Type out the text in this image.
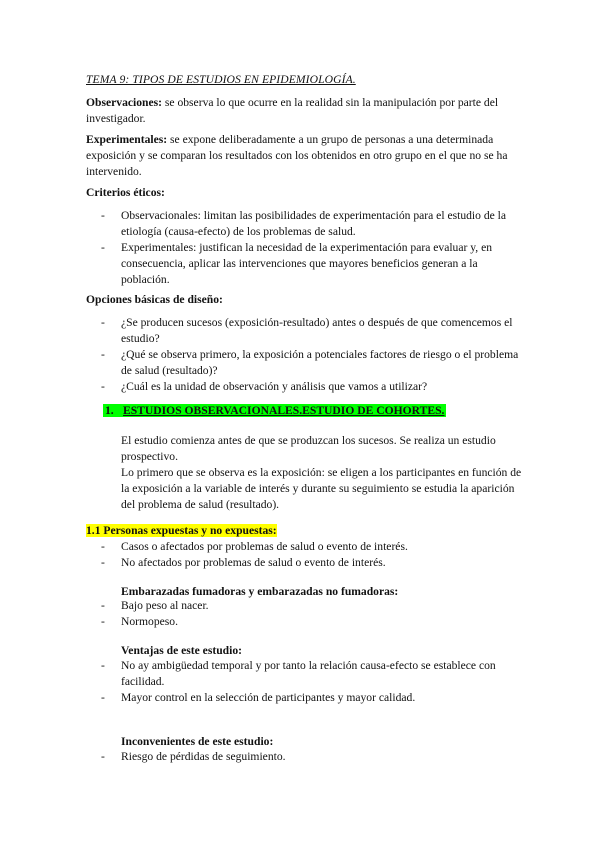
TEMA 9: TIPOS DE ESTUDIOS EN EPIDEMIOLOGÍA.

Observaciones: se observa lo que ocurre en la realidad sin la manipulación por parte del investigador.

Experimentales: se expone deliberadamente a un grupo de personas a una determinada exposición y se comparan los resultados con los obtenidos en otro grupo en el que no se ha intervenido.

Criterios éticos:
- Observacionales: limitan las posibilidades de experimentación para el estudio de la etiología (causa-efecto) de los problemas de salud.
- Experimentales: justifican la necesidad de la experimentación para evaluar y, en consecuencia, aplicar las intervenciones que mayores beneficios generan a la población.
Opciones básicas de diseño:
- ¿Se producen sucesos (exposición-resultado) antes o después de que comencemos el estudio?
- ¿Qué se observa primero, la exposición a potenciales factores de riesgo o el problema de salud (resultado)?
- ¿Cuál es la unidad de observación y análisis que vamos a utilizar?
1. ESTUDIOS OBSERVACIONALES.ESTUDIO DE COHORTES.

El estudio comienza antes de que se produzcan los sucesos. Se realiza un estudio prospectivo.

Lo primero que se observa es la exposición: se eligen a los participantes en función de la exposición a la variable de interés y durante su seguimiento se estudia la aparición del problema de salud (resultado).

1.1 Personas expuestas y no expuestas:
- Casos o afectados por problemas de salud o evento de interés.
- No afectados por problemas de salud o evento de interés.
Embarazadas fumadoras y embarazadas no fumadoras:
- Bajo peso al nacer.
- Normopeso.
Ventajas de este estudio:
- No ay ambigüedad temporal y por tanto la relación causa-efecto se establece con facilidad.
- Mayor control en la selección de participantes y mayor calidad.
Inconvenientes de este estudio:
- Riesgo de pérdidas de seguimiento.
